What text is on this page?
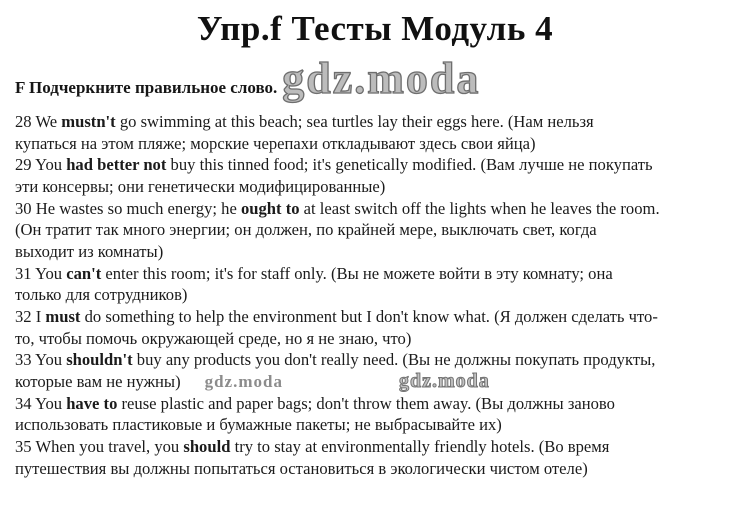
Упр.f Тесты Модуль 4
F Подчеркните правильное слово. gdz.moda

28 We mustn't go swimming at this beach; sea turtles lay their eggs here. (Нам нельзя
купаться на этом пляже; морские черепахи откладывают здесь свои яйца)

29 You had better not buy this tinned food; it's genetically modified. (Вам лучше не покупать
эти консервы; они генетически модифицированные)

30 He wastes so much energy; he ought to at least switch off the lights when he leaves the room.
(Он тратит так много энергии; он должен, по крайней мере, выключать свет, когда
выходит из комнаты)

31 You can't enter this room; it's for staff only. (Вы не можете войти в эту комнату; она
только для сотрудников)

32 I must do something to help the environment but I don't know what. (Я должен сделать что-
то, чтобы помочь окружающей среде, но я не знаю, что)

33 You shouldn't buy any products you don't really need. (Вы не должны покупать продукты,
которые вам не нужны) gdz.moda	gdz.moda

34 You have to reuse plastic and paper bags; don't throw them away. (Вы должны заново
использовать пластиковые и бумажные пакеты; не выбрасывайте их)

35 When you travel, you should try to stay at environmentally friendly hotels. (Во время
путешествия вы должны попытаться остановиться в экологически чистом отеле)
